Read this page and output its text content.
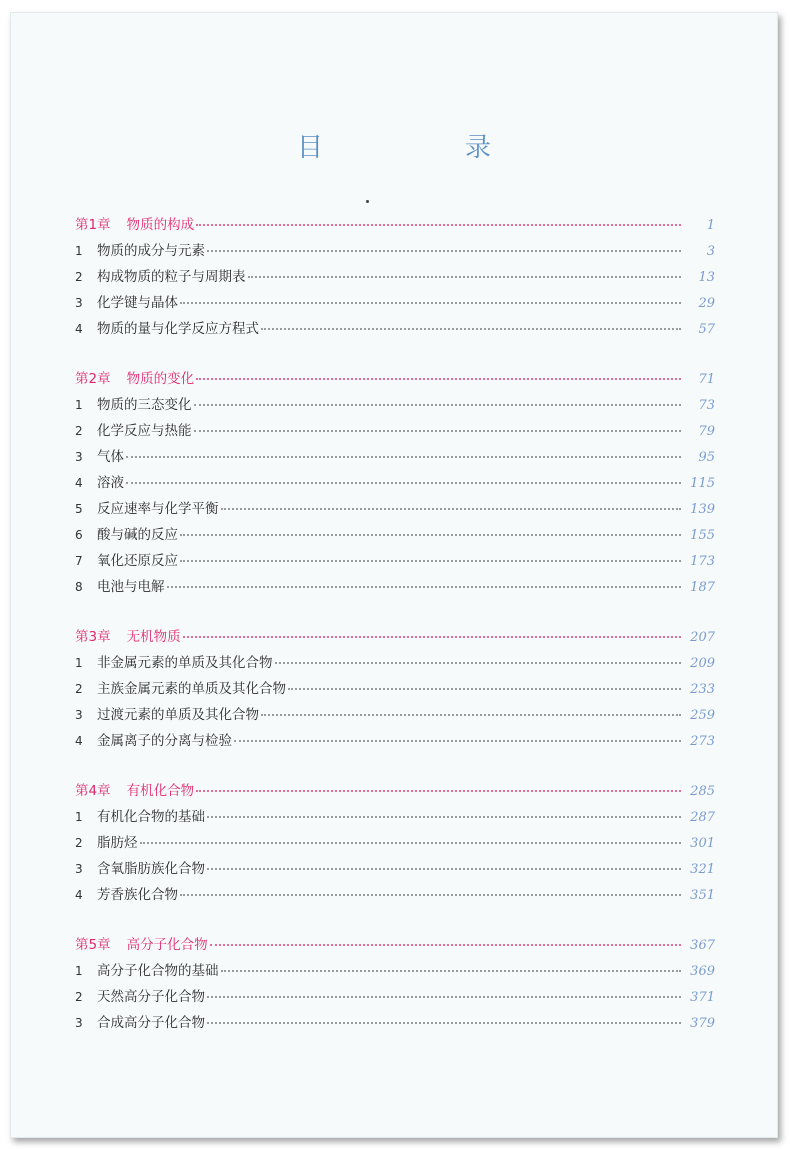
目　录
第1章 物质的构成	1
1	物质的成分与元素	3
2	构成物质的粒子与周期表	13
3	化学键与晶体	29
4	物质的量与化学反应方程式	57
第2章 物质的变化	71
1	物质的三态变化	73
2	化学反应与热能	79
3	气体	95
4	溶液	115
5	反应速率与化学平衡	139
6	酸与碱的反应	155
7	氧化还原反应	173
8	电池与电解	187
第3章 无机物质	207
1	非金属元素的单质及其化合物	209
2	主族金属元素的单质及其化合物	233
3	过渡元素的单质及其化合物	259
4	金属离子的分离与检验	273
第4章 有机化合物	285
1	有机化合物的基础	287
2	脂肪烃	301
3	含氧脂肪族化合物	321
4	芳香族化合物	351
第5章 高分子化合物	367
1	高分子化合物的基础	369
2	天然高分子化合物	371
3	合成高分子化合物	379
